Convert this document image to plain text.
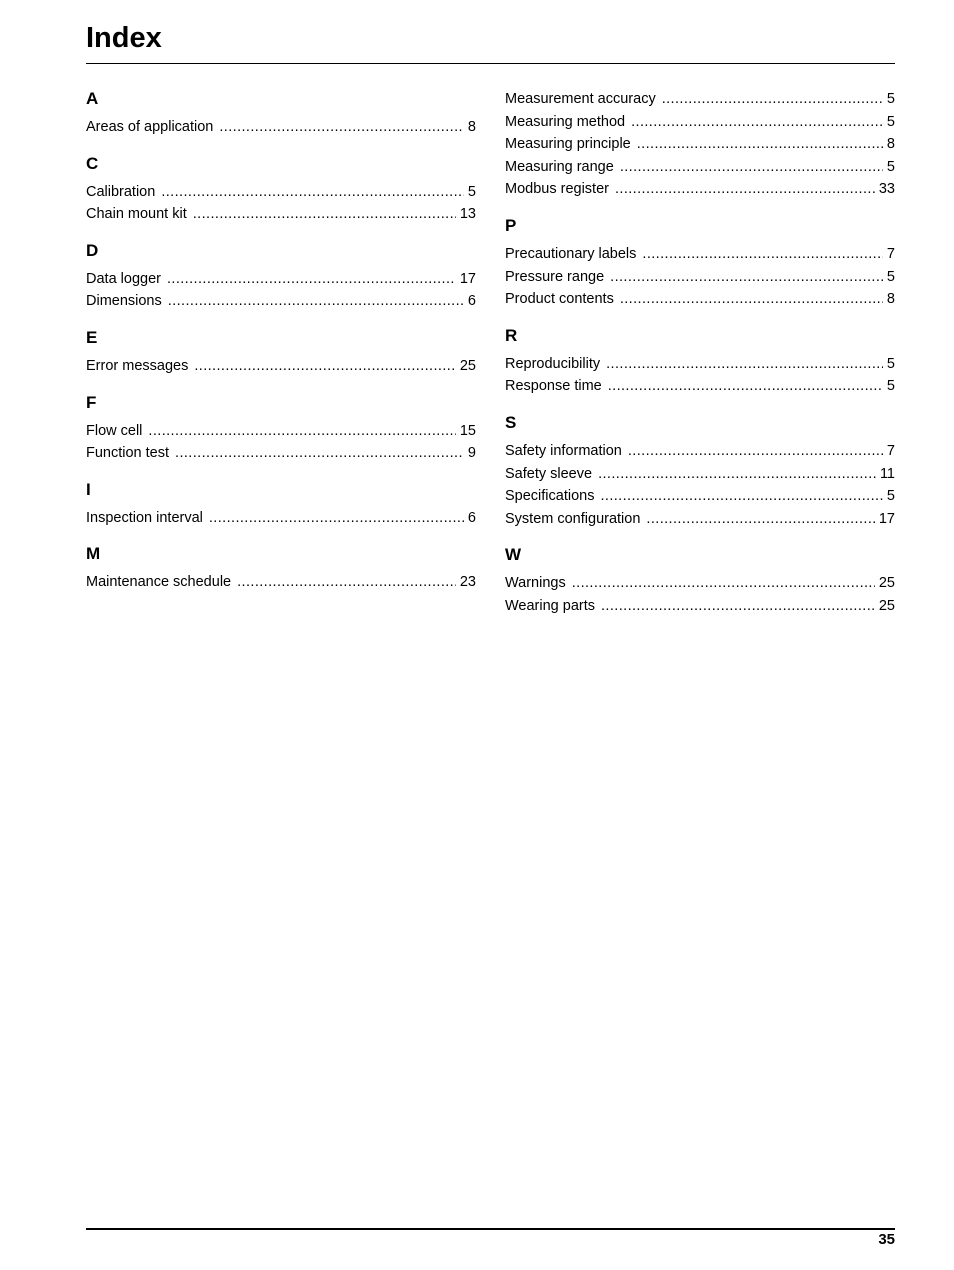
Index
A
Areas of application .....	8
C
Calibration .....	5
Chain mount kit .....	13
D
Data logger .....	17
Dimensions .....	6
E
Error messages .....	25
F
Flow cell .....	15
Function test .....	9
I
Inspection interval .....	6
M
Maintenance schedule .....	23
Measurement accuracy .....	5
Measuring method .....	5
Measuring principle .....	8
Measuring range .....	5
Modbus register .....	33
P
Precautionary labels .....	7
Pressure range .....	5
Product contents .....	8
R
Reproducibility .....	5
Response time .....	5
S
Safety information .....	7
Safety sleeve .....	11
Specifications .....	5
System configuration .....	17
W
Warnings .....	25
Wearing parts .....	25
35
